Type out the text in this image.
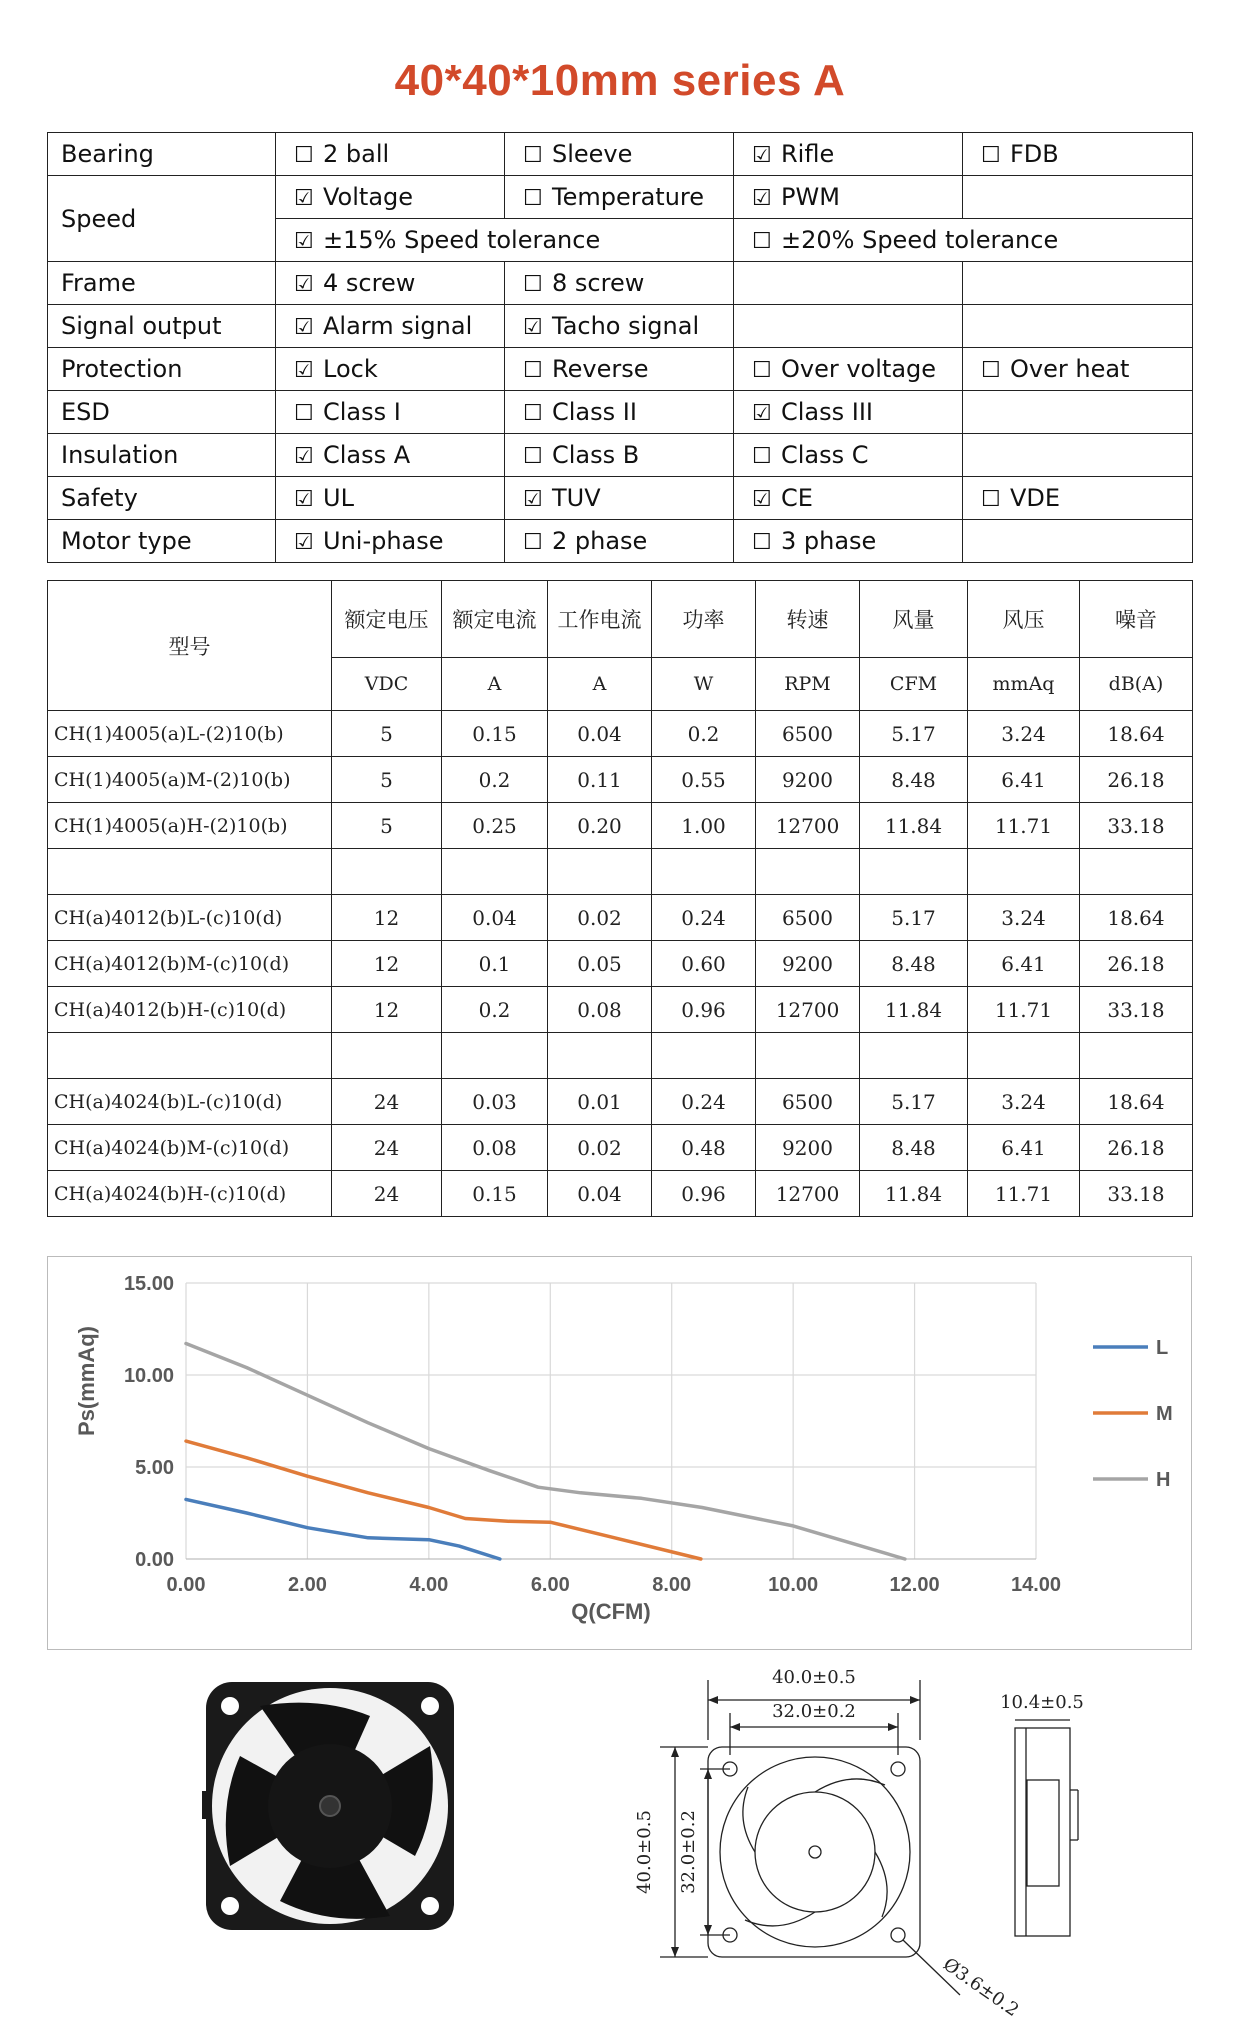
40*40*10mm series A
Bearing	☐ 2 ball	☐ Sleeve	☑ Rifle	☐ FDB
Speed	☑ Voltage	☐ Temperature	☑ PWM	
	☑ ±15% Speed tolerance		☐ ±20% Speed tolerance	
Frame	☑ 4 screw	☐ 8 screw		
Signal output	☑ Alarm signal	☑ Tacho signal		
Protection	☑ Lock	☐ Reverse	☐ Over voltage	☐ Over heat
ESD	☐ Class I	☐ Class II	☑ Class III	
Insulation	☑ Class A	☐ Class B	☐ Class C	
Safety	☑ UL	☑ TUV	☑ CE	☐ VDE
Motor type	☑ Uni-phase	☐ 2 phase	☐ 3 phase	
型号	额定电压	额定电流	工作电流	功率	转速	风量	风压	噪音
	VDC	A	A	W	RPM	CFM	mmAq	dB(A)
CH(1)4005(a)L-(2)10(b)	5	0.15	0.04	0.2	6500	5.17	3.24	18.64
CH(1)4005(a)M-(2)10(b)	5	0.2	0.11	0.55	9200	8.48	6.41	26.18
CH(1)4005(a)H-(2)10(b)	5	0.25	0.20	1.00	12700	11.84	11.71	33.18

CH(a)4012(b)L-(c)10(d)	12	0.04	0.02	0.24	6500	5.17	3.24	18.64
CH(a)4012(b)M-(c)10(d)	12	0.1	0.05	0.60	9200	8.48	6.41	26.18
CH(a)4012(b)H-(c)10(d)	12	0.2	0.08	0.96	12700	11.84	11.71	33.18

CH(a)4024(b)L-(c)10(d)	24	0.03	0.01	0.24	6500	5.17	3.24	18.64
CH(a)4024(b)M-(c)10(d)	24	0.08	0.02	0.48	9200	8.48	6.41	26.18
CH(a)4024(b)H-(c)10(d)	24	0.15	0.04	0.96	12700	11.84	11.71	33.18
0.00	2.00	4.00	6.00	8.00	10.00	12.00	14.00
0.00
5.00
10.00
15.00
Q(CFM)
Ps(mmAq)	L
M
H
40.0±0.5
32.0±0.2
40.0±0.5 32.0±0.2
Ø3.6±0.2
10.4±0.5
